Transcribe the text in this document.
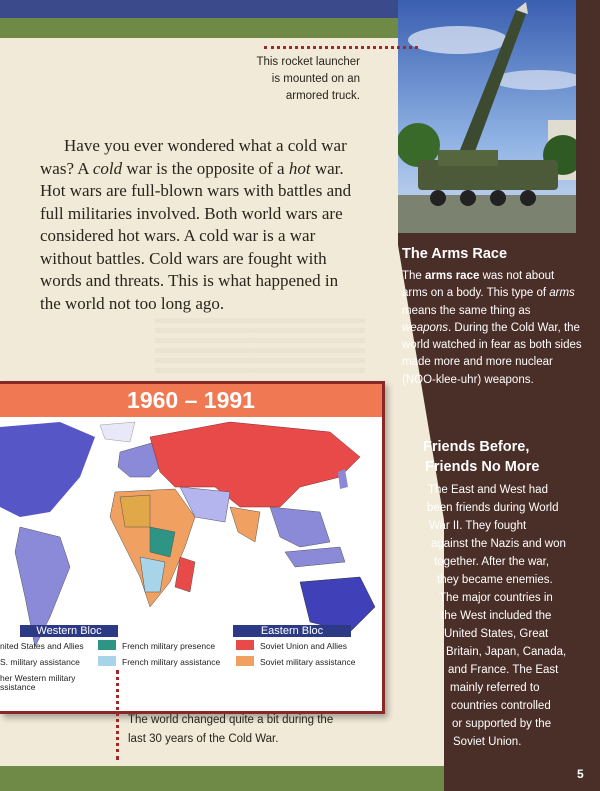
This rocket launcher is mounted on an armored truck.
Have you ever wondered what a cold war was? A cold war is the opposite of a hot war. Hot wars are full-blown wars with battles and full militaries involved. Both world wars are considered hot wars. A cold war is a war without battles. Cold wars are fought with words and threats. This is what happened in the world not too long ago.
1960 – 1991
Western Bloc	Eastern Bloc
nited States and Allies
S. military assistance
her Western military
ssistance
French military presence
French military assistance
Soviet Union and Allies
Soviet military assistance
The world changed quite a bit during the last 30 years of the Cold War.
The Arms Race
The arms race was not about arms on a body. This type of arms means the same thing as weapons. During the Cold War, the world watched in fear as both sides made more and more nuclear (NOO-klee-uhr) weapons.
Friends Before,
Friends No More
The East and West had
been friends during World
War II. They fought
against the Nazis and won
together. After the war,
they became enemies.
The major countries in
the West included the
United States, Great
Britain, Japan, Canada,
and France. The East
mainly referred to
countries controlled
or supported by the
Soviet Union.
5
